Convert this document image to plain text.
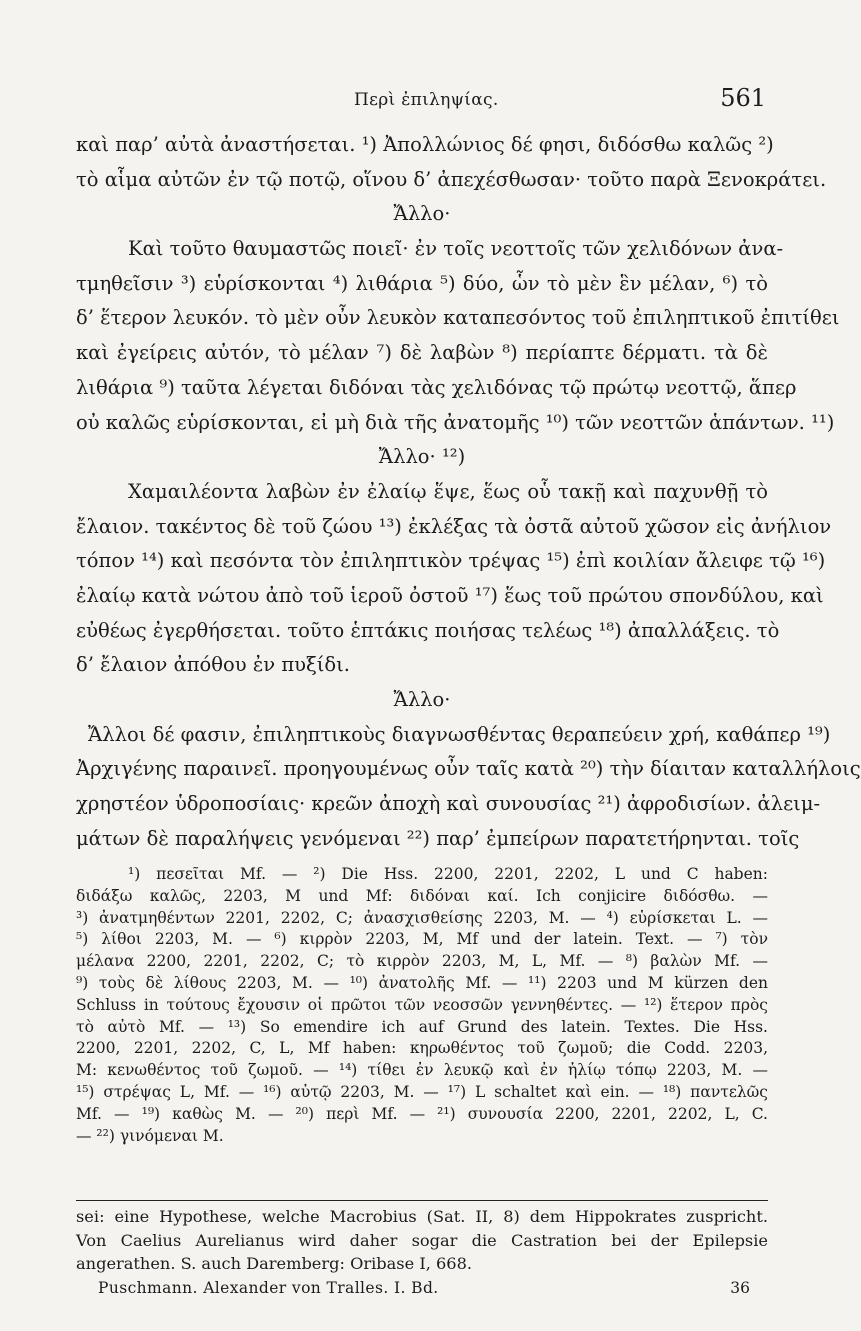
Περὶ ἐπιληψίας.	561
καὶ παρ’ αὐτὰ ἀναστήσεται. ¹) Ἀπολλώνιος δέ φησι, διδόσθω καλῶς ²)
τὸ αἷμα αὐτῶν ἐν τῷ ποτῷ, οἵνου δ’ ἀπεχέσθωσαν· τοῦτο παρὰ Ξενοκράτει.
Ἄλλο·
Καὶ τοῦτο θαυμαστῶς ποιεῖ· ἐν τοῖς νεοττοῖς τῶν χελιδόνων ἀνα-
τμηθεῖσιν ³) εὑρίσκονται ⁴) λιθάρια ⁵) δύο, ὧν τὸ μὲν ἓν μέλαν, ⁶) τὸ
δ’ ἕτερον λευκόν. τὸ μὲν οὖν λευκὸν καταπεσόντος τοῦ ἐπιληπτικοῦ ἐπιτίθει
καὶ ἐγείρεις αὐτόν, τὸ μέλαν ⁷) δὲ λαβὼν ⁸) περίαπτε δέρματι. τὰ δὲ
λιθάρια ⁹) ταῦτα λέγεται διδόναι τὰς χελιδόνας τῷ πρώτῳ νεοττῷ, ἅπερ
οὐ καλῶς εὑρίσκονται, εἰ μὴ διὰ τῆς ἀνατομῆς ¹⁰) τῶν νεοττῶν ἁπάντων. ¹¹)
Ἄλλο· ¹²)
Χαμαιλέοντα λαβὼν ἐν ἐλαίῳ ἕψε, ἕως οὗ τακῇ καὶ παχυνθῇ τὸ
ἔλαιον. τακέντος δὲ τοῦ ζώου ¹³) ἐκλέξας τὰ ὀστᾶ αὐτοῦ χῶσον εἰς ἀνήλιον
τόπον ¹⁴) καὶ πεσόντα τὸν ἐπιληπτικὸν τρέψας ¹⁵) ἐπὶ κοιλίαν ἄλειφε τῷ ¹⁶)
ἐλαίῳ κατὰ νώτου ἀπὸ τοῦ ἱεροῦ ὀστοῦ ¹⁷) ἕως τοῦ πρώτου σπονδύλου, καὶ
εὐθέως ἐγερθήσεται. τοῦτο ἑπτάκις ποιήσας τελέως ¹⁸) ἀπαλλάξεις. τὸ
δ’ ἔλαιον ἀπόθου ἐν πυξίδι.
Ἄλλο·
Ἄλλοι δέ φασιν, ἐπιληπτικοὺς διαγνωσθέντας θεραπεύειν χρή, καθάπερ ¹⁹)
Ἀρχιγένης παραινεῖ. προηγουμένως οὖν ταῖς κατὰ ²⁰) τὴν δίαιταν καταλλήλοις
χρηστέον ὑδροποσίαις· κρεῶν ἀποχὴ καὶ συνουσίας ²¹) ἀφροδισίων. ἀλειμ-
μάτων δὲ παραλήψεις γενόμεναι ²²) παρ’ ἐμπείρων παρατετήρηνται. τοῖς
¹) πεσεῖται Mf. — ²) Die Hss. 2200, 2201, 2202, L und C haben:
διδάξω καλῶς, 2203, M und Mf: διδόναι καί. Ich conjicire διδόσθω. —
³) ἀνατμηθέντων 2201, 2202, C; ἀνασχισθείσης 2203, M. — ⁴) εὑρίσκεται L. —
⁵) λίθοι 2203, M. — ⁶) κιρρὸν 2203, M, Mf und der latein. Text. — ⁷) τὸν
μέλανα 2200, 2201, 2202, C; τὸ κιρρὸν 2203, M, L, Mf. — ⁸) βαλὼν Mf. —
⁹) τοὺς δὲ λίθους 2203, M. — ¹⁰) ἀνατολῆς Mf. — ¹¹) 2203 und M kürzen den
Schluss in τούτους ἔχουσιν οἱ πρῶτοι τῶν νεοσσῶν γεννηθέντες. — ¹²) ἕτερον πρὸς
τὸ αὐτὸ Mf. — ¹³) So emendire ich auf Grund des latein. Textes. Die Hss.
2200, 2201, 2202, C, L, Mf haben: κηρωθέντος τοῦ ζωμοῦ; die Codd. 2203,
M: κενωθέντος τοῦ ζωμοῦ. — ¹⁴) τίθει ἐν λευκῷ καὶ ἐν ἡλίῳ τόπῳ 2203, M. —
¹⁵) στρέψας L, Mf. — ¹⁶) αὐτῷ 2203, M. — ¹⁷) L schaltet καὶ ein. — ¹⁸) παντελῶς
Mf. — ¹⁹) καθὼς M. — ²⁰) περὶ Mf. — ²¹) συνουσία 2200, 2201, 2202, L, C.
— ²²) γινόμεναι M.
sei: eine Hypothese, welche Macrobius (Sat. II, 8) dem Hippokrates zuspricht.
Von Caelius Aurelianus wird daher sogar die Castration bei der Epilepsie
angerathen. S. auch Daremberg: Oribase I, 668.
Puschmann. Alexander von Tralles. I. Bd.	36
